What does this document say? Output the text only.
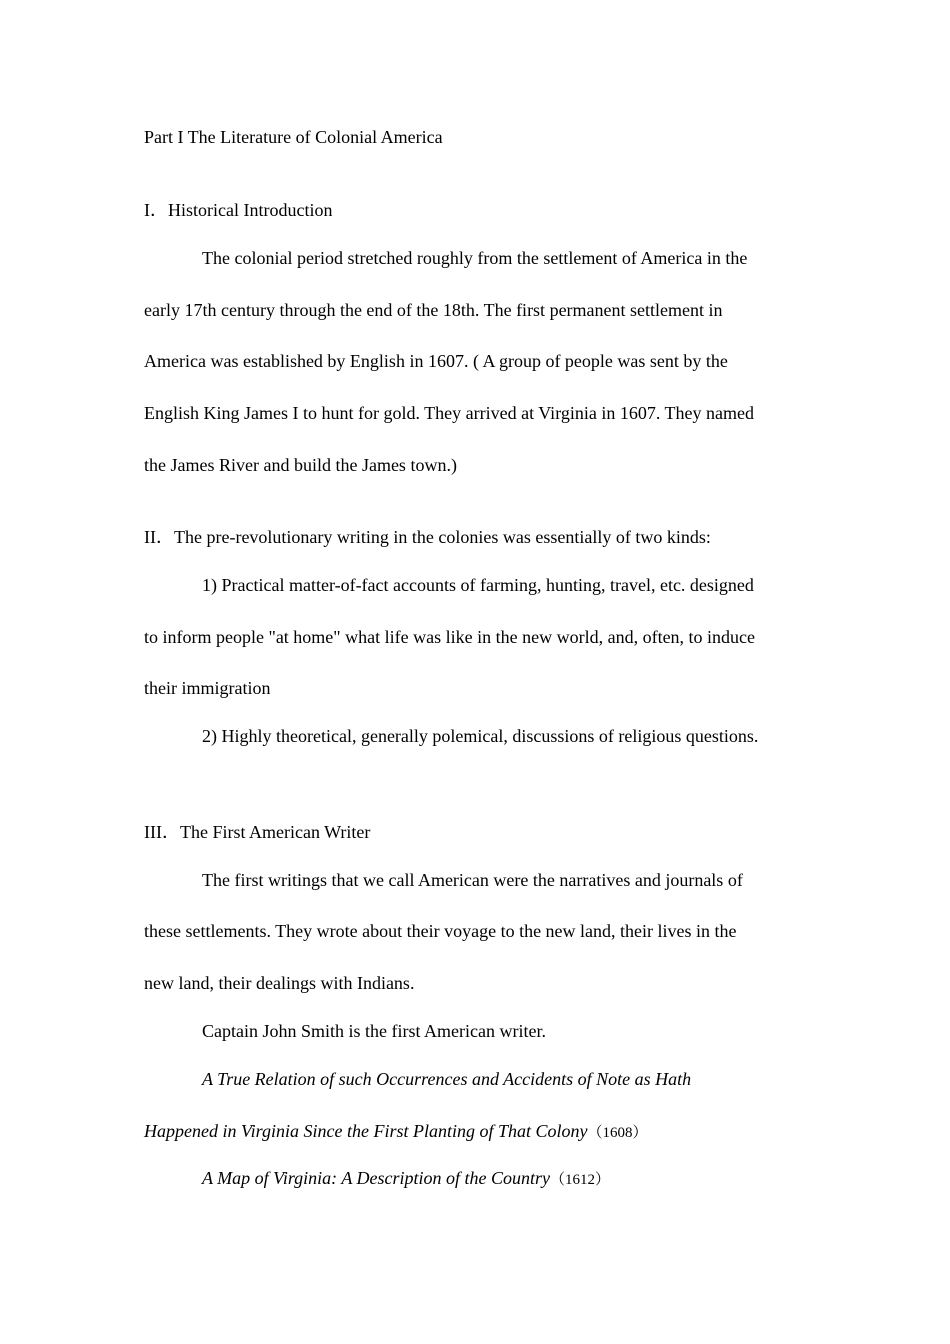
Part I The Literature of Colonial America
I．Historical Introduction
The colonial period stretched roughly from the settlement of America in the
early 17th century through the end of the 18th. The first permanent settlement in
America was established by English in 1607. ( A group of people was sent by the
English King James I to hunt for gold. They arrived at Virginia in 1607. They named
the James River and build the James town.)
II．The pre-revolutionary writing in the colonies was essentially of two kinds:
1) Practical matter-of-fact accounts of farming, hunting, travel, etc. designed
to inform people "at home" what life was like in the new world, and, often, to induce
their immigration
2) Highly theoretical, generally polemical, discussions of religious questions.
III．The First American Writer
The first writings that we call American were the narratives and journals of
these settlements. They wrote about their voyage to the new land, their lives in the
new land, their dealings with Indians.
Captain John Smith is the first American writer.
A True Relation of such Occurrences and Accidents of Note as Hath
Happened in Virginia Since the First Planting of That Colony（1608）
A Map of Virginia: A Description of the Country（1612）
